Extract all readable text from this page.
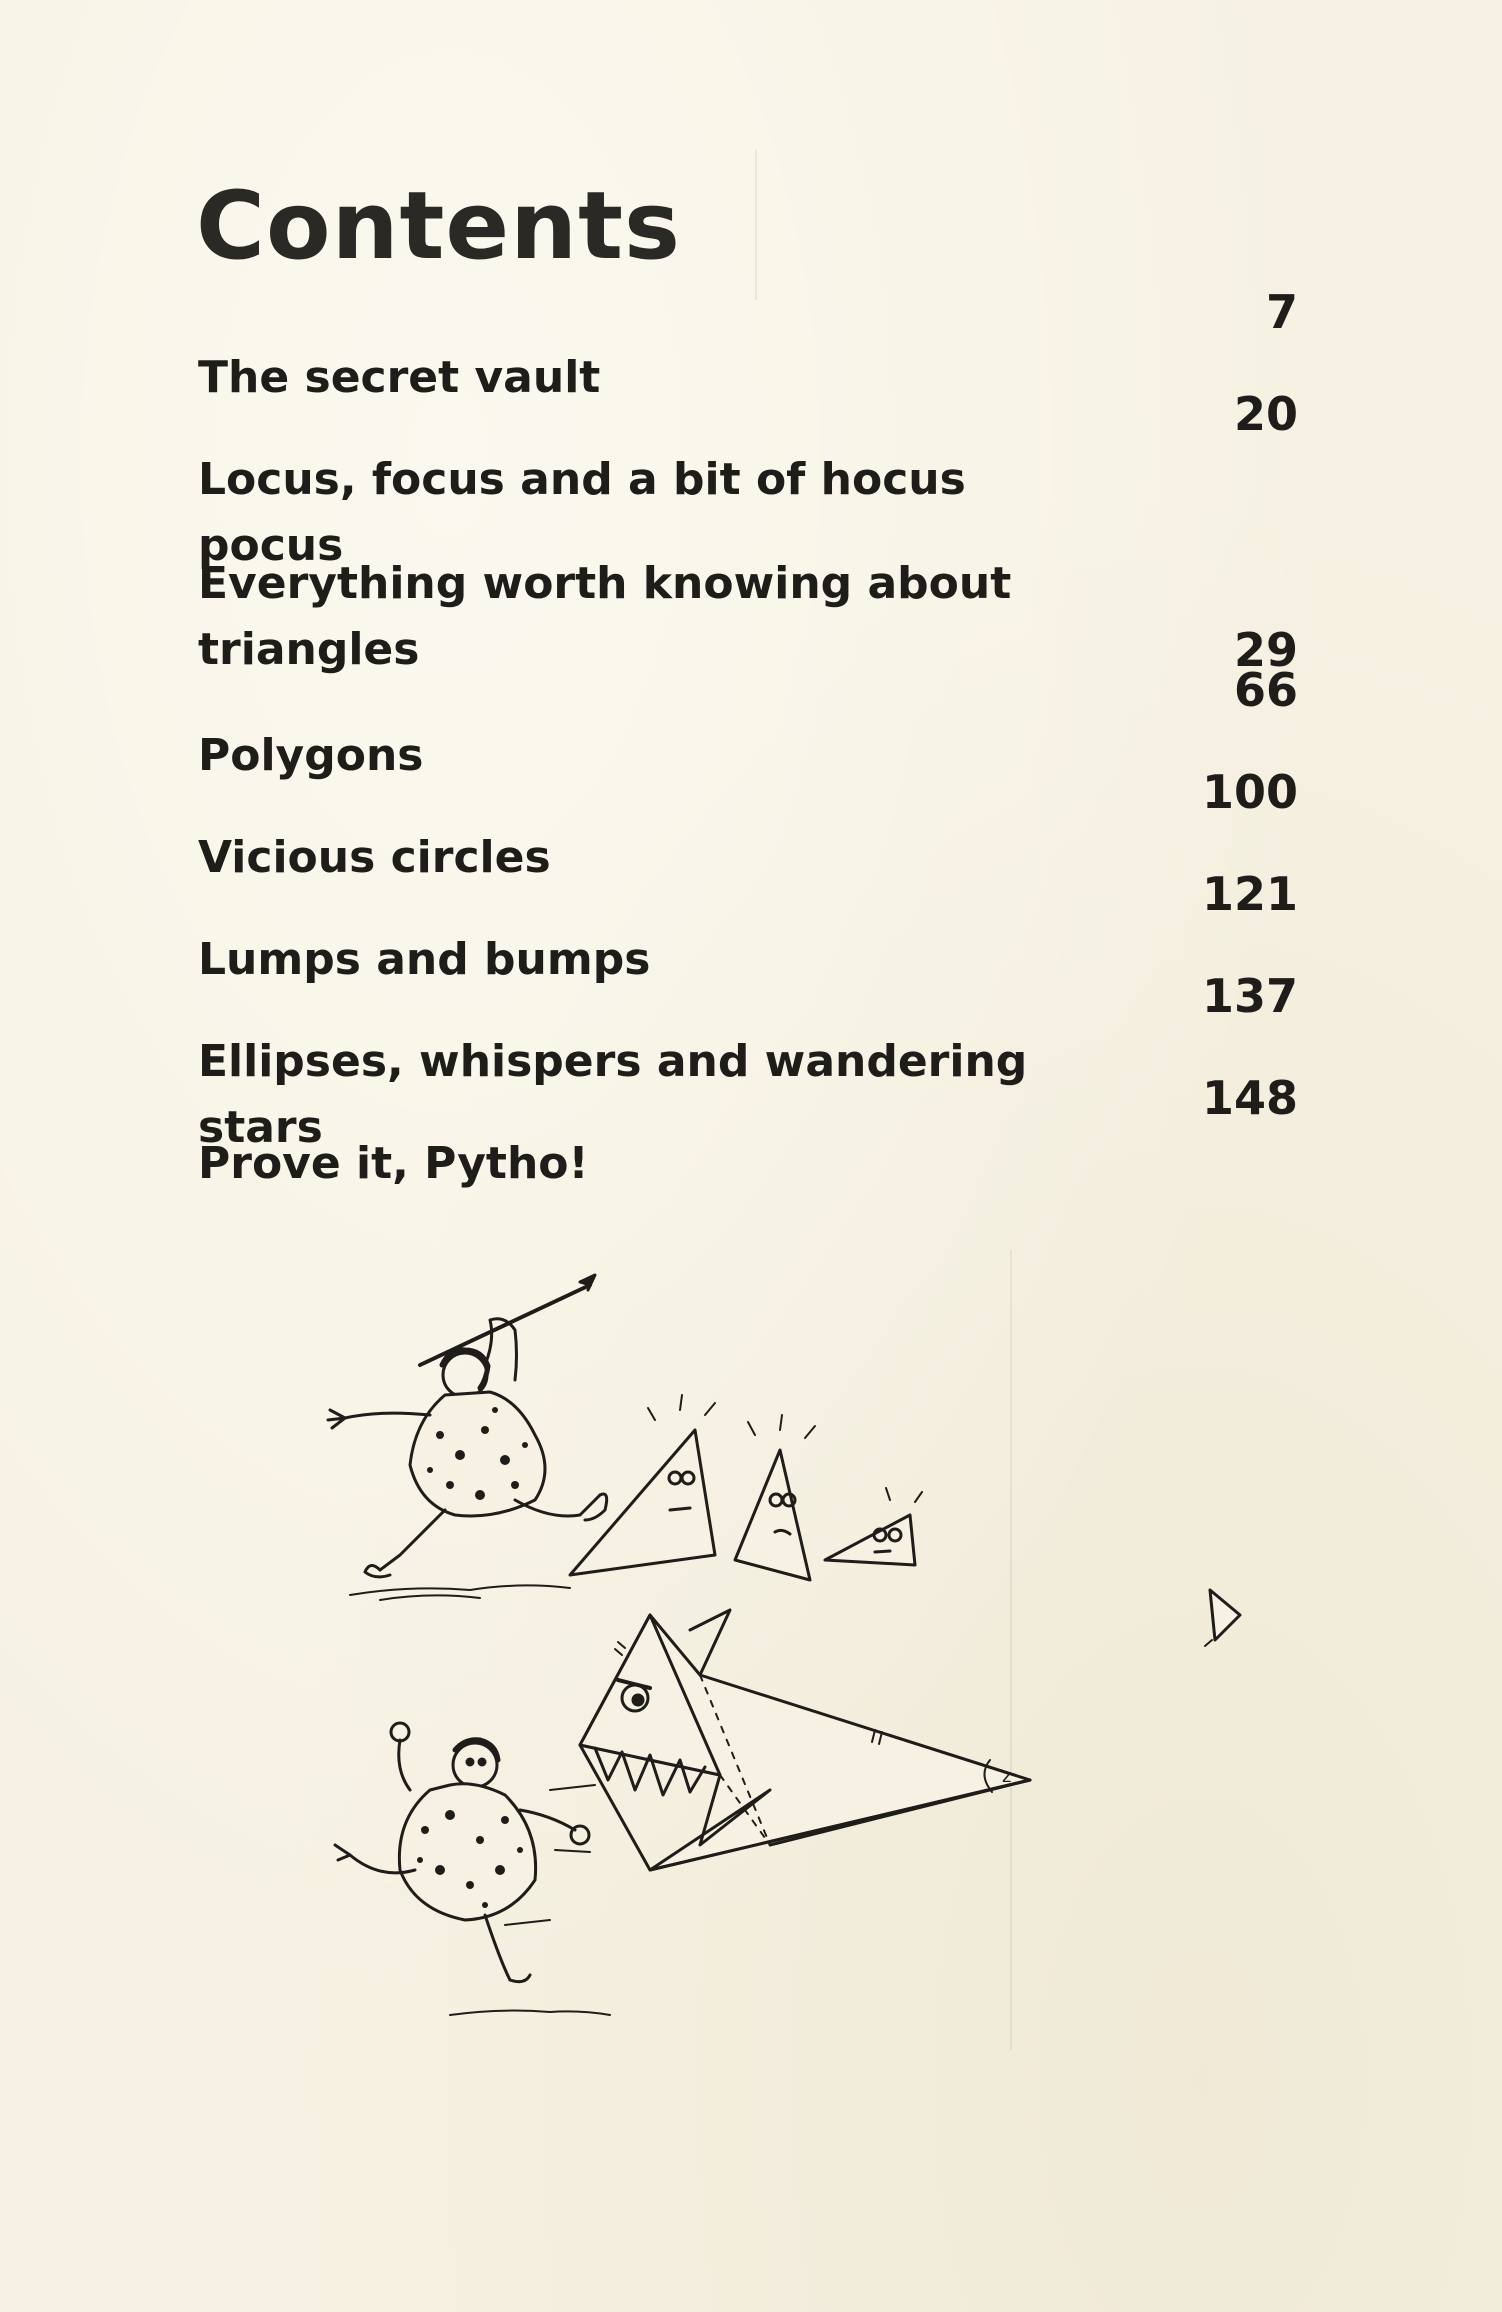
Contents
The secret vault
7
Locus, focus and a bit of hocus pocus
20
Everything worth knowing about
triangles	29
Polygons
66
Vicious circles
100
Lumps and bumps
121
Ellipses, whispers and wandering stars
137
Prove it, Pytho!
148
z
